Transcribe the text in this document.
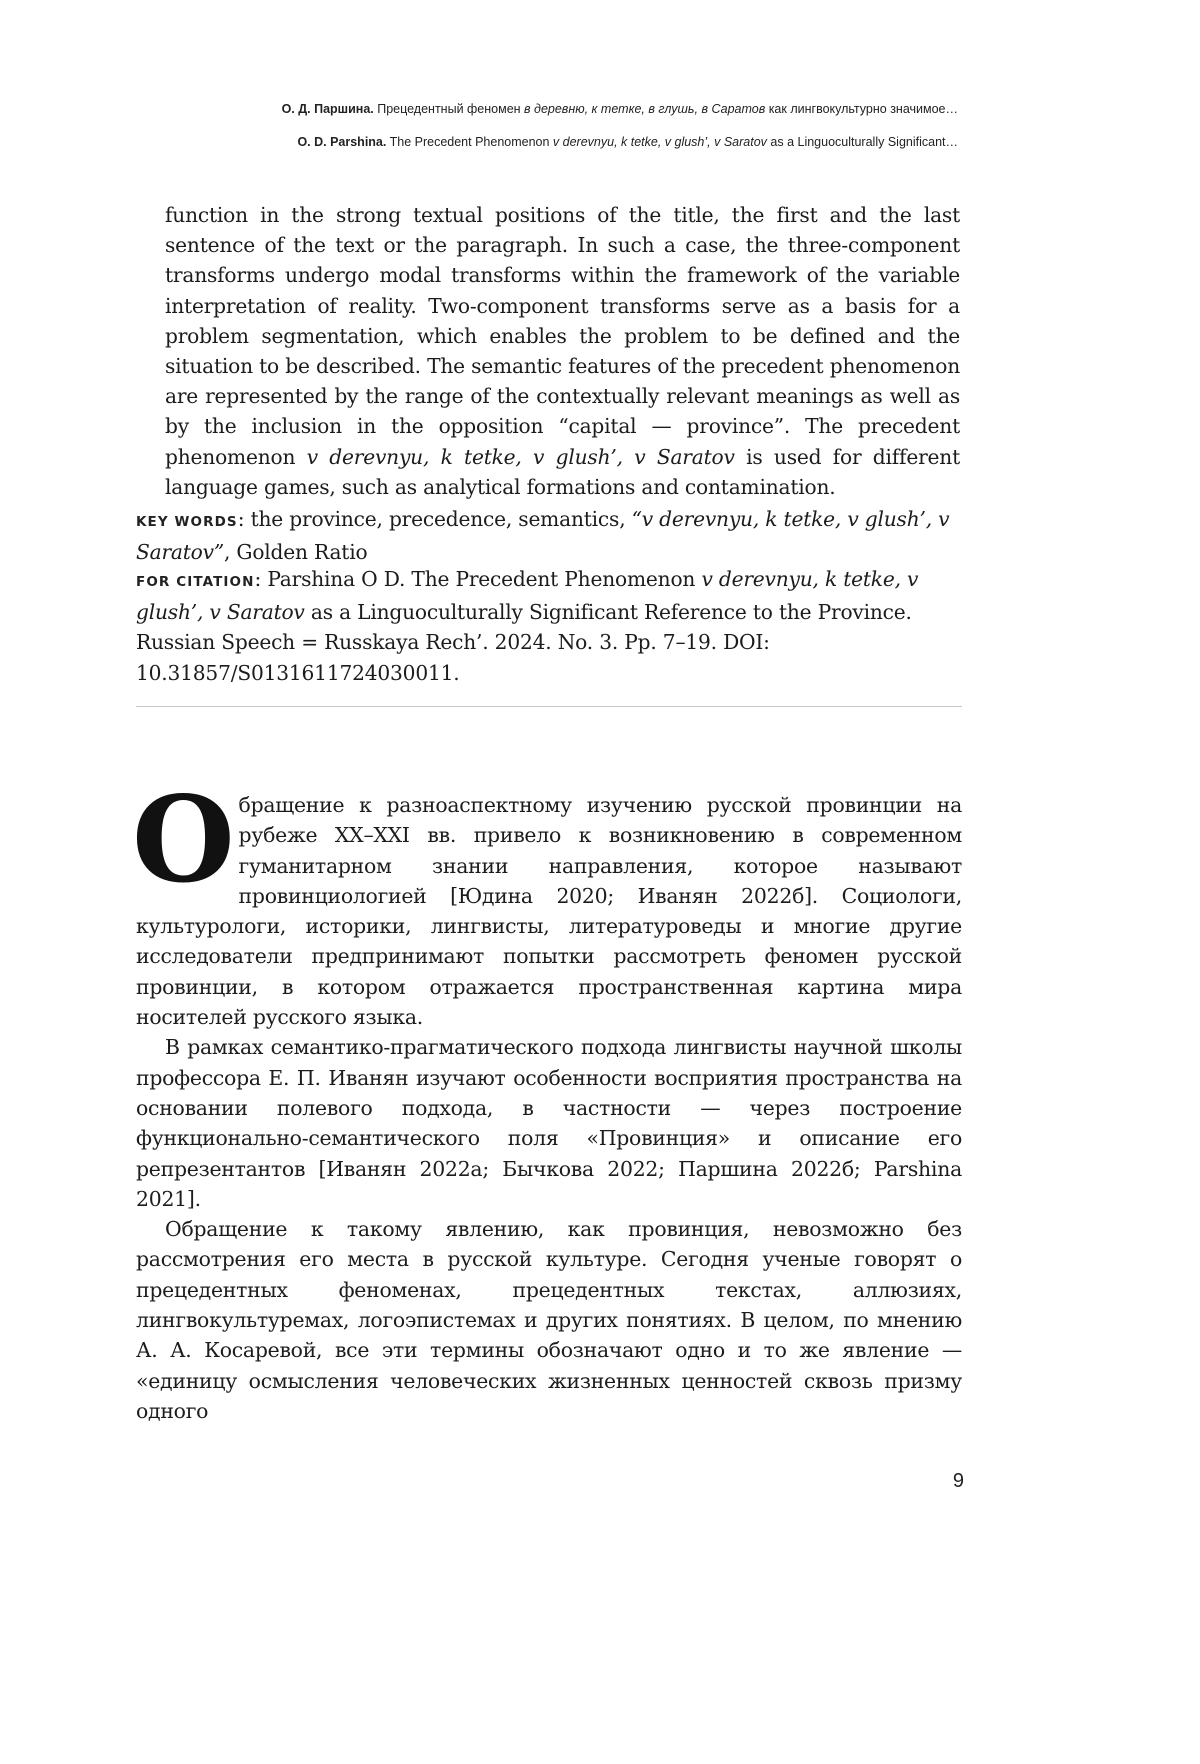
О. Д. Паршина. Прецедентный феномен в деревню, к тетке, в глушь, в Саратов как лингвокультурно значимое…
O. D. Parshina. The Precedent Phenomenon v derevnyu, k tetke, v glush’, v Saratov as a Linguoculturally Significant…

function in the strong textual positions of the title, the first and the last sentence of the text or the paragraph. In such a case, the three-component transforms undergo modal transforms within the framework of the variable interpretation of reality. Two-component transforms serve as a basis for a problem segmentation, which enables the problem to be defined and the situation to be described. The semantic features of the precedent phenomenon are represented by the range of the contextually relevant meanings as well as by the inclusion in the opposition “capital — province”. The precedent phenomenon v derevnyu, k tetke, v glush’, v Saratov is used for different language games, such as analytical formations and contamination.

KEY WORDS: the province, precedence, semantics, “v derevnyu, k tetke, v glush’, v Saratov”, Golden Ratio
FOR CITATION: Parshina O D. The Precedent Phenomenon v derevnyu, k tetke, v glush’, v Saratov as a Linguoculturally Significant Reference to the Province. Russian Speech = Russkaya Rech’. 2024. No. 3. Pp. 7–19. DOI: 10.31857/S0131611724030011.

Обращение к разноаспектному изучению русской провинции на рубеже XX–XXI вв. привело к возникновению в современном гуманитарном знании направления, которое называют провинциологией [Юдина 2020; Иванян 2022б]. Социологи, культурологи, историки, лингвисты, литературоведы и многие другие исследователи предпринимают попытки рассмотреть феномен русской провинции, в котором отражается пространственная картина мира носителей русского языка.

В рамках семантико-прагматического подхода лингвисты научной школы профессора Е. П. Иванян изучают особенности восприятия пространства на основании полевого подхода, в частности — через построение функционально-семантического поля «Провинция» и описание его репрезентантов [Иванян 2022а; Бычкова 2022; Паршина 2022б; Parshina 2021].

Обращение к такому явлению, как провинция, невозможно без рассмотрения его места в русской культуре. Сегодня ученые говорят о прецедентных феноменах, прецедентных текстах, аллюзиях, лингвокультуремах, логоэпистемах и других понятиях. В целом, по мнению А. А. Косаревой, все эти термины обозначают одно и то же явление — «единицу осмысления человеческих жизненных ценностей сквозь призму одного

9
